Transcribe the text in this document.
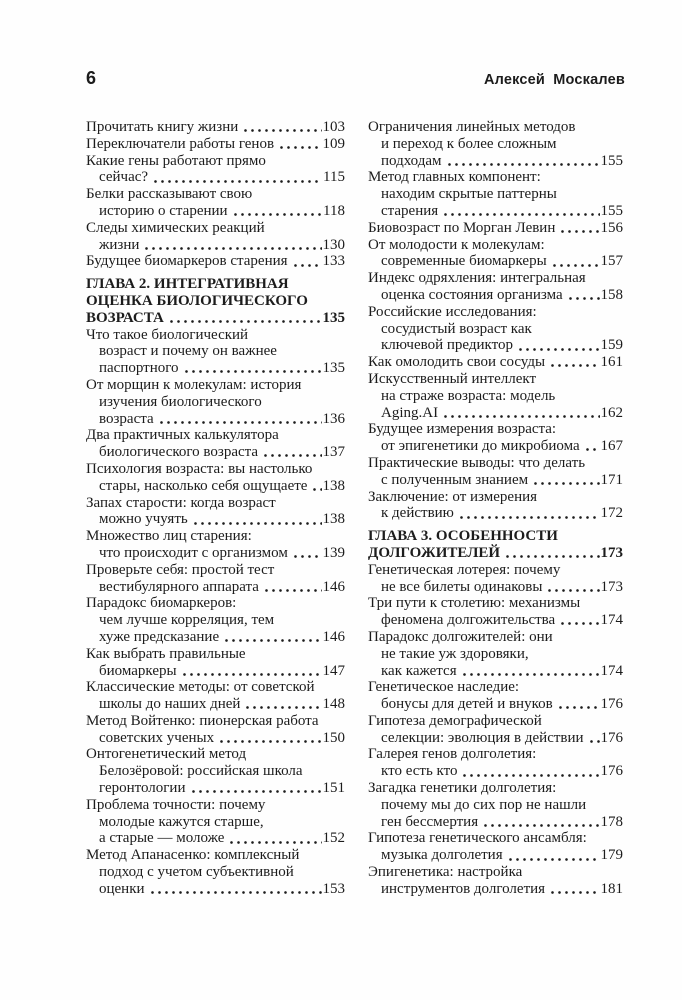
6	Алексей Москалев
Прочитать книгу жизни	103
Переключатели работы генов	109
Какие гены работают прямо
сейчас?	115
Белки рассказывают свою
историю о старении	118
Следы химических реакций
жизни	130
Будущее биомаркеров старения 133
ГЛАВА 2. ИНТЕГРАТИВНАЯ
ОЦЕНКА БИОЛОГИЧЕСКОГО
ВОЗРАСТА	135
Что такое биологический
возраст и почему он важнее
паспортного	135
От морщин к молекулам: история
изучения биологического
возраста	136
Два практичных калькулятора
биологического возраста	137
Психология возраста: вы настолько
стары, насколько себя ощущаете 138
Запах старости: когда возраст
можно учуять	138
Множество лиц старения:
что происходит с организмом 139
Проверьте себя: простой тест
вестибулярного аппарата	146
Парадокс биомаркеров:
чем лучше корреляция, тем
хуже предсказание	146
Как выбрать правильные
биомаркеры	147
Классические методы: от советской
школы до наших дней	148
Метод Войтенко: пионерская работа
советских ученых	150
Онтогенетический метод
Белозёровой: российская школа
геронтологии	151
Проблема точности: почему
молодые кажутся старше,
а старые — моложе	152
Метод Апанасенко: комплексный
подход с учетом субъективной
оценки	153
Ограничения линейных методов
и переход к более сложным
подходам	155
Метод главных компонент:
находим скрытые паттерны
старения	155
Биовозраст по Морган Левин	156
От молодости к молекулам:
современные биомаркеры	157
Индекс одряхления: интегральная
оценка состояния организма	158
Российские исследования:
сосудистый возраст как
ключевой предиктор	159
Как омолодить свои сосуды	161
Искусственный интеллект
на страже возраста: модель
Aging.AI	162
Будущее измерения возраста:
от эпигенетики до микробиома 167
Практические выводы: что делать
с полученным знанием	171
Заключение: от измерения
к действию	172
ГЛАВА 3. ОСОБЕННОСТИ
ДОЛГОЖИТЕЛЕЙ	173
Генетическая лотерея: почему
не все билеты одинаковы	173
Три пути к столетию: механизмы
феномена долгожительства	174
Парадокс долгожителей: они
не такие уж здоровяки,
как кажется	174
Генетическое наследие:
бонусы для детей и внуков	176
Гипотеза демографической
селекции: эволюция в действии 176
Галерея генов долголетия:
кто есть кто	176
Загадка генетики долголетия:
почему мы до сих пор не нашли
ген бессмертия	178
Гипотеза генетического ансамбля:
музыка долголетия	179
Эпигенетика: настройка
инструментов долголетия	181
